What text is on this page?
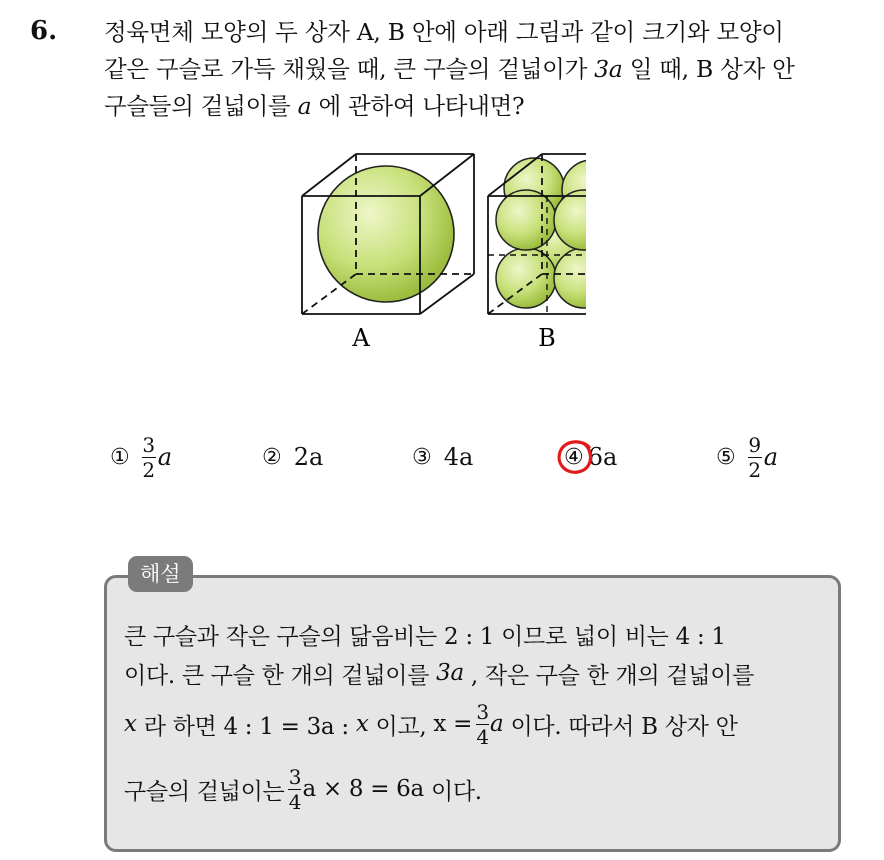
6. 정육면체 모양의 두 상자 A, B 안에 아래 그림과 같이 크기와 모양이
같은 구슬로 가득 채웠을 때, 큰 구슬의 겉넓이가 3a 일 때, B 상자 안
구슬들의 겉넓이를 a 에 관하여 나타내면?
A	B
① $\frac{3}{2}$ a	② 2a	③ 4a	④ 6a	⑤ $\frac{9}{2}$ a
해설
큰 구슬과 작은 구슬의 닮음비는 2 : 1 이므로 넓이 비는 4 : 1
이다. 큰 구슬 한 개의 겉넓이를
3a
, 작은 구슬 한 개의 겉넓이를
x
라 하면 4 : 1 = 3a :
x
이고,
x = 3
4 a
이다. 따라서 B 상자 안
구슬의 겉넓이는
3
4 a × 8 = 6a
이다.
